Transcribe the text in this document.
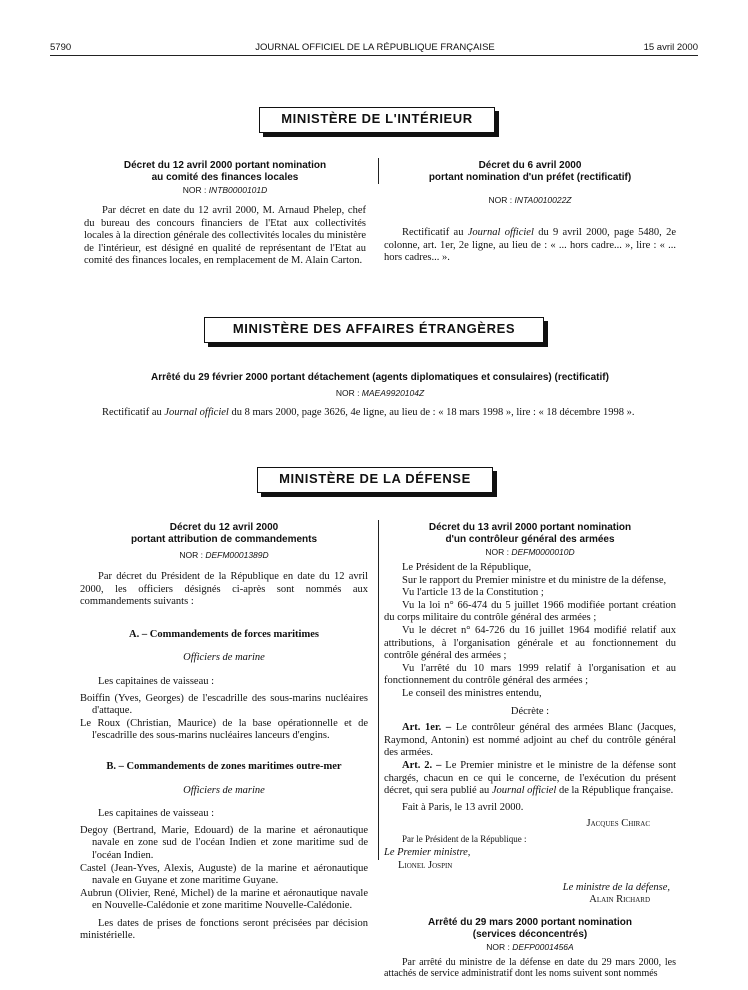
5790	JOURNAL OFFICIEL DE LA RÉPUBLIQUE FRANÇAISE	15 avril 2000
MINISTÈRE DE L'INTÉRIEUR
Décret du 12 avril 2000 portant nomination
au comité des finances locales
NOR : INTB0000101D

Par décret en date du 12 avril 2000, M. Arnaud Phelep, chef du bureau des concours financiers de l'Etat aux collectivités locales à la direction générale des collectivités locales du ministère de l'intérieur, est désigné en qualité de représentant de l'Etat au comité des finances locales, en remplacement de M. Alain Carton.

Décret du 6 avril 2000
portant nomination d'un préfet (rectificatif)
NOR : INTA0010022Z

Rectificatif au Journal officiel du 9 avril 2000, page 5480, 2e colonne, art. 1er, 2e ligne, au lieu de : « ... hors cadre... », lire : « ... hors cadres... ».

MINISTÈRE DES AFFAIRES ÉTRANGÈRES
Arrêté du 29 février 2000 portant détachement (agents diplomatiques et consulaires) (rectificatif)
NOR : MAEA9920104Z

Rectificatif au Journal officiel du 8 mars 2000, page 3626, 4e ligne, au lieu de : « 18 mars 1998 », lire : « 18 décembre 1998 ».

MINISTÈRE DE LA DÉFENSE
Décret du 12 avril 2000
portant attribution de commandements
NOR : DEFM0001389D

Par décret du Président de la République en date du 12 avril 2000, les officiers désignés ci-après sont nommés aux commandements suivants :

A. – Commandements de forces maritimes

Officiers de marine

Les capitaines de vaisseau :

Boiffin (Yves, Georges) de l'escadrille des sous-marins nucléaires d'attaque.

Le Roux (Christian, Maurice) de la base opérationnelle et de l'escadrille des sous-marins nucléaires lanceurs d'engins.

B. – Commandements de zones maritimes outre-mer

Officiers de marine

Les capitaines de vaisseau :

Degoy (Bertrand, Marie, Edouard) de la marine et aéronautique navale en zone sud de l'océan Indien et zone maritime sud de l'océan Indien.

Castel (Jean-Yves, Alexis, Auguste) de la marine et aéronautique navale en Guyane et zone maritime Guyane.

Aubrun (Olivier, René, Michel) de la marine et aéronautique navale en Nouvelle-Calédonie et zone maritime Nouvelle-Calédonie.

Les dates de prises de fonctions seront précisées par décision ministérielle.

Décret du 13 avril 2000 portant nomination
d'un contrôleur général des armées
NOR : DEFM0000010D

Le Président de la République,

Sur le rapport du Premier ministre et du ministre de la défense,

Vu l'article 13 de la Constitution ;

Vu la loi n° 66-474 du 5 juillet 1966 modifiée portant création du corps militaire du contrôle général des armées ;

Vu le décret n° 64-726 du 16 juillet 1964 modifié relatif aux attributions, à l'organisation générale et au fonctionnement du contrôle général des armées ;

Vu l'arrêté du 10 mars 1999 relatif à l'organisation et au fonctionnement du contrôle général des armées ;

Le conseil des ministres entendu,

Décrète :

Art. 1er. – Le contrôleur général des armées Blanc (Jacques, Raymond, Antonin) est nommé adjoint au chef du contrôle général des armées.

Art. 2. – Le Premier ministre et le ministre de la défense sont chargés, chacun en ce qui le concerne, de l'exécution du présent décret, qui sera publié au Journal officiel de la République française.

Fait à Paris, le 13 avril 2000.

Jacques Chirac

Par le Président de la République :

Le Premier ministre,

Lionel Jospin

Le ministre de la défense,

Alain Richard

Arrêté du 29 mars 2000 portant nomination
(services déconcentrés)
NOR : DEFP0001456A

Par arrêté du ministre de la défense en date du 29 mars 2000, les attachés de service administratif dont les noms suivent sont nommés
